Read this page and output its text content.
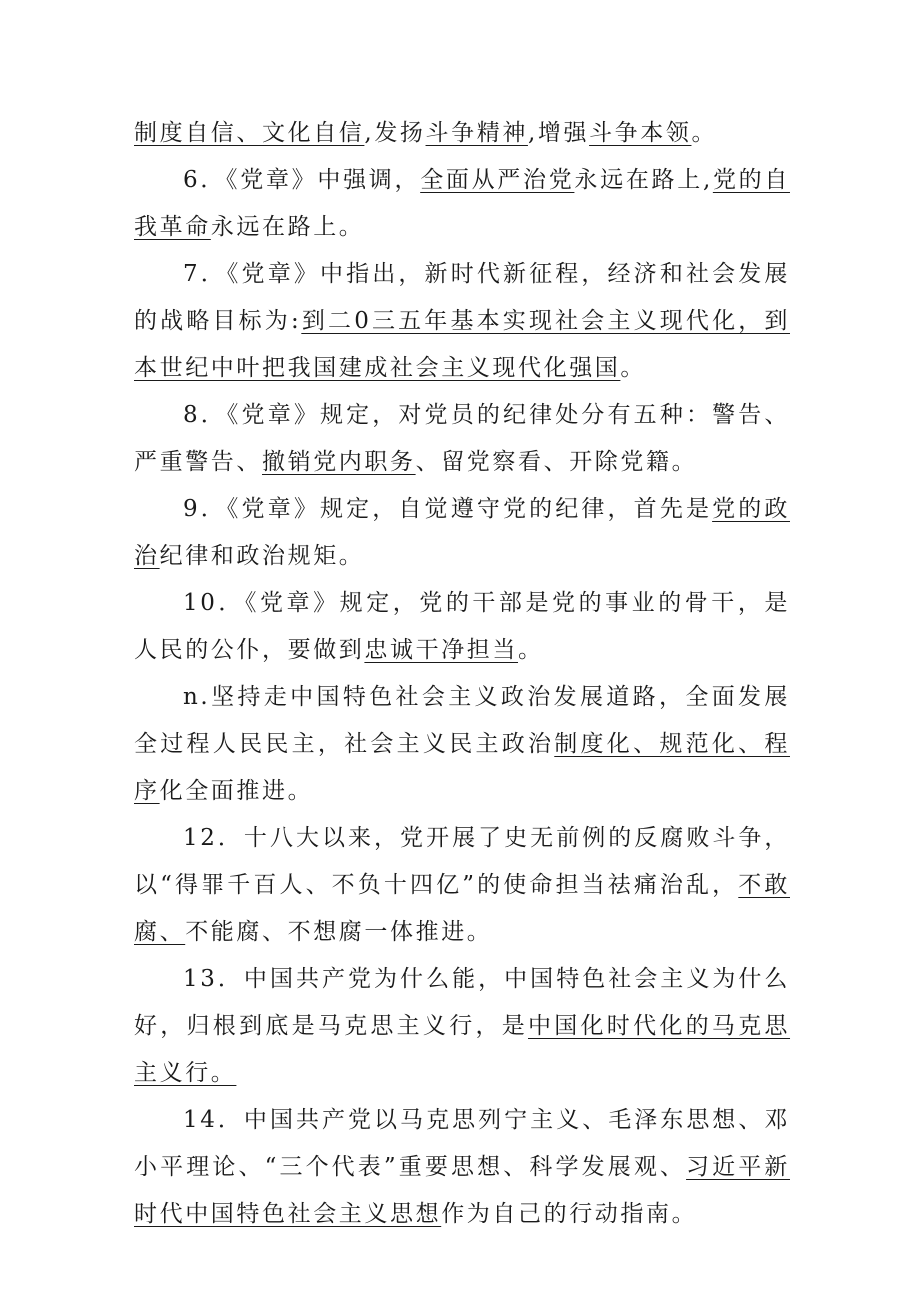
制度自信、文化自信,发扬斗争精神,增强斗争本领。

6．《党章》中强调，全面从严治党永远在路上,党的自我革命永远在路上。

7．《党章》中指出，新时代新征程，经济和社会发展的战略目标为:到二0三五年基本实现社会主义现代化，到本世纪中叶把我国建成社会主义现代化强国。

8．《党章》规定，对党员的纪律处分有五种：警告、严重警告、撤销党内职务、留党察看、开除党籍。

9．《党章》规定，自觉遵守党的纪律，首先是党的政治纪律和政治规矩。

10．《党章》规定，党的干部是党的事业的骨干，是人民的公仆，要做到忠诚干净担当。

n.坚持走中国特色社会主义政治发展道路，全面发展全过程人民民主，社会主义民主政治制度化、规范化、程序化全面推进。

12．十八大以来，党开展了史无前例的反腐败斗争，以“得罪千百人、不负十四亿”的使命担当祛痛治乱，不敢腐、不能腐、不想腐一体推进。

13．中国共产党为什么能，中国特色社会主义为什么好，归根到底是马克思主义行，是中国化时代化的马克思主义行。

14．中国共产党以马克思列宁主义、毛泽东思想、邓小平理论、“三个代表”重要思想、科学发展观、习近平新时代中国特色社会主义思想作为自己的行动指南。
